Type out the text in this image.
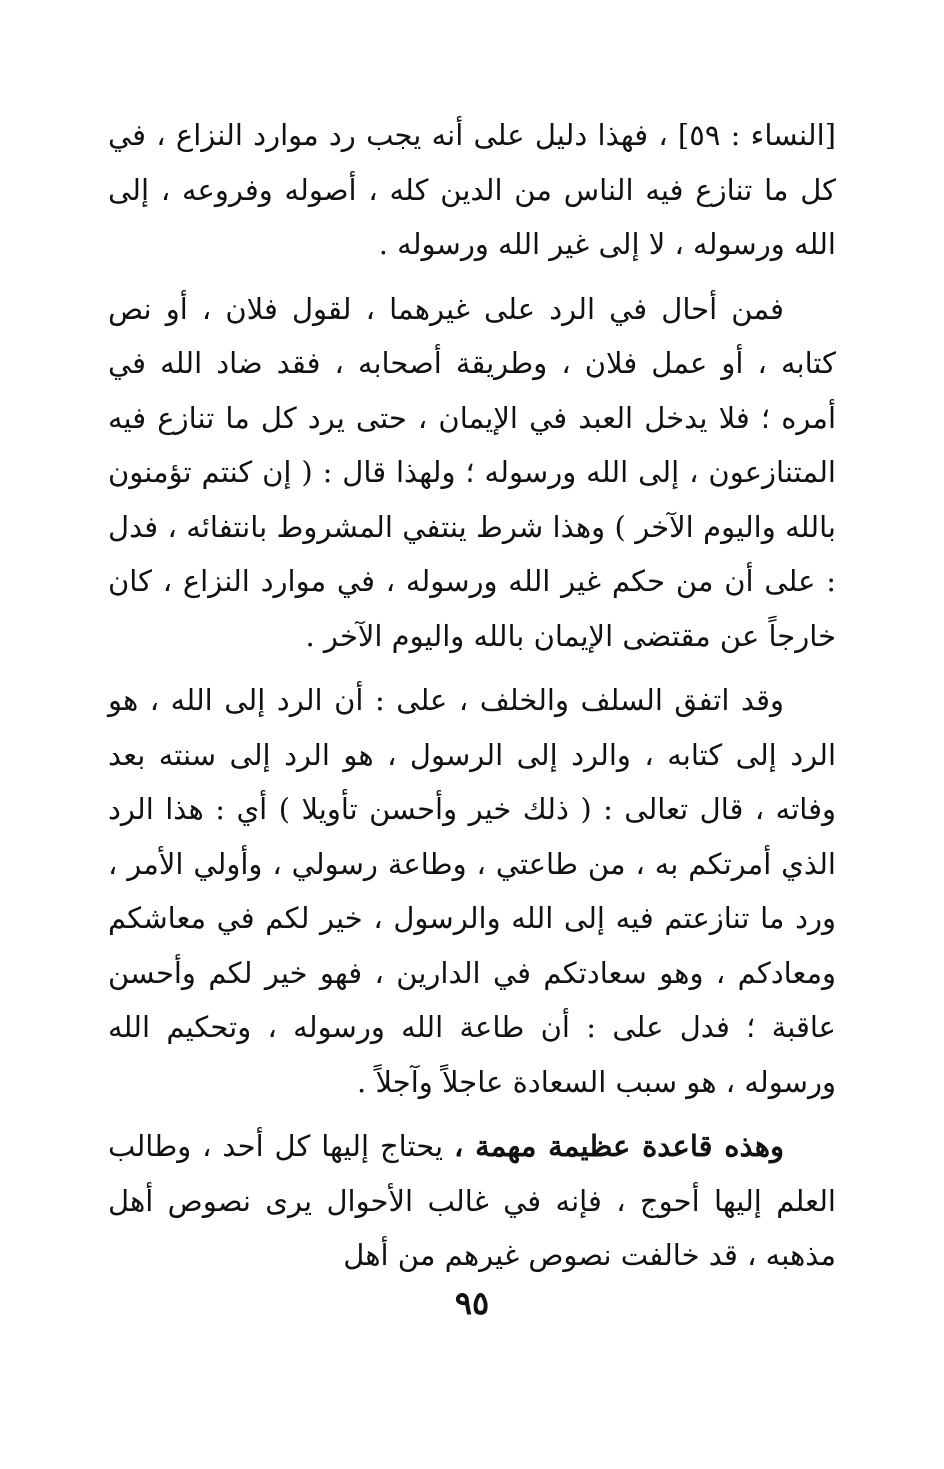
[النساء : ٥٩] ، فهذا دليل على أنه يجب رد موارد النزاع ، في كل ما تنازع فيه الناس من الدين كله ، أصوله وفروعه ، إلى الله ورسوله ، لا إلى غير الله ورسوله .

فمن أحال في الرد على غيرهما ، لقول فلان ، أو نص كتابه ، أو عمل فلان ، وطريقة أصحابه ، فقد ضاد الله في أمره ؛ فلا يدخل العبد في الإيمان ، حتى يرد كل ما تنازع فيه المتنازعون ، إلى الله ورسوله ؛ ولهذا قال : ( إن كنتم تؤمنون بالله واليوم الآخر ) وهذا شرط ينتفي المشروط بانتفائه ، فدل : على أن من حكم غير الله ورسوله ، في موارد النزاع ، كان خارجاً عن مقتضى الإيمان بالله واليوم الآخر .

وقد اتفق السلف والخلف ، على : أن الرد إلى الله ، هو الرد إلى كتابه ، والرد إلى الرسول ، هو الرد إلى سنته بعد وفاته ، قال تعالى : ( ذلك خير وأحسن تأويلا ) أي : هذا الرد الذي أمرتكم به ، من طاعتي ، وطاعة رسولي ، وأولي الأمر ، ورد ما تنازعتم فيه إلى الله والرسول ، خير لكم في معاشكم ومعادكم ، وهو سعادتكم في الدارين ، فهو خير لكم وأحسن عاقبة ؛ فدل على : أن طاعة الله ورسوله ، وتحكيم الله ورسوله ، هو سبب السعادة عاجلاً وآجلاً .

وهذه قاعدة عظيمة مهمة ، يحتاج إليها كل أحد ، وطالب العلم إليها أحوج ، فإنه في غالب الأحوال يرى نصوص أهل مذهبه ، قد خالفت نصوص غيرهم من أهل

٩٥
